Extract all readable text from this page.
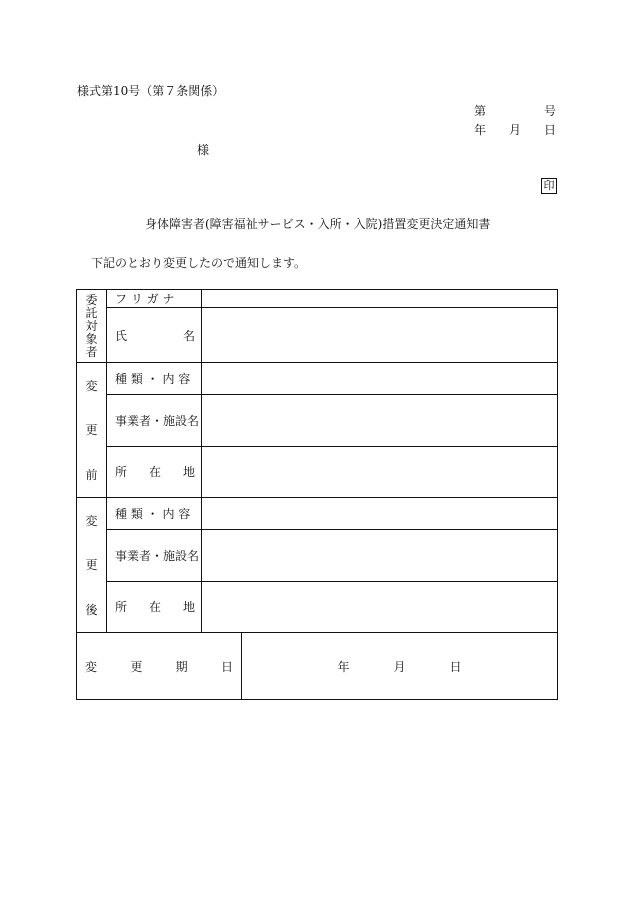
様式第10号（第７条関係）
第	号
年 月 日
様
印
身体障害者(障害福祉サービス・入所・入院)措置変更決定通知書
下記のとおり変更したので通知します。
委託対象者	フ リ ガ ナ		

	氏 名		

変
更
前	種 類 ・ 内 容		
	事業者・施設名		

	所 在 地		

変
更
後	種 類 ・ 内 容		
	事業者・施設名		

	所 在 地		

変 更 期 日			年 月 日
